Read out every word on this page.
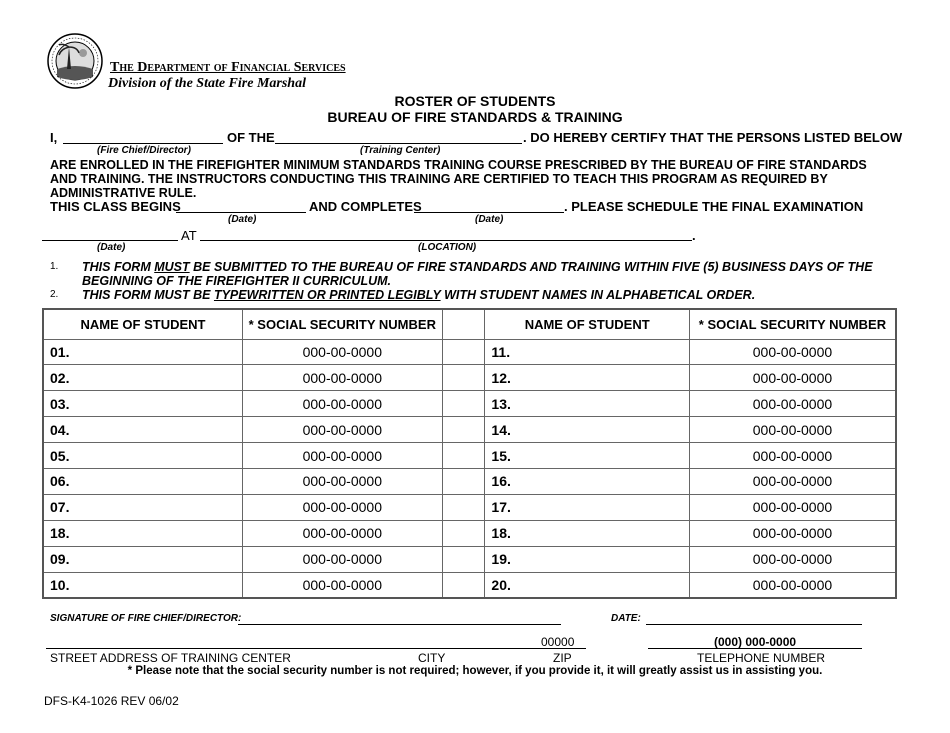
The Department of Financial Services
Division of the State Fire Marshal
ROSTER OF STUDENTS
BUREAU OF FIRE STANDARDS & TRAINING
I,	OF THE	. DO HEREBY CERTIFY THAT THE PERSONS LISTED BELOW
(Fire Chief/Director)	(Training Center)
ARE ENROLLED IN THE FIREFIGHTER MINIMUM STANDARDS TRAINING COURSE PRESCRIBED BY THE BUREAU OF FIRE STANDARDS AND TRAINING. THE INSTRUCTORS CONDUCTING THIS TRAINING ARE CERTIFIED TO TEACH THIS PROGRAM AS REQUIRED BY ADMINISTRATIVE RULE.
THIS CLASS BEGINS	AND COMPLETES	. PLEASE SCHEDULE THE FINAL EXAMINATION
(Date)	(Date)
AT	.
(Date)	(LOCATION)
1. THIS FORM MUST BE SUBMITTED TO THE BUREAU OF FIRE STANDARDS AND TRAINING WITHIN FIVE (5) BUSINESS DAYS OF THE
BEGINNING OF THE FIREFIGHTER II CURRICULUM.
2. THIS FORM MUST BE TYPEWRITTEN OR PRINTED LEGIBLY WITH STUDENT NAMES IN ALPHABETICAL ORDER.
NAME OF STUDENT	* SOCIAL SECURITY NUMBER		NAME OF STUDENT	* SOCIAL SECURITY NUMBER
01.	000-00-0000		11.	000-00-0000
02.	000-00-0000		12.	000-00-0000
03.	000-00-0000		13.	000-00-0000
04.	000-00-0000		14.	000-00-0000
05.	000-00-0000		15.	000-00-0000
06.	000-00-0000		16.	000-00-0000
07.	000-00-0000		17.	000-00-0000
18.	000-00-0000		18.	000-00-0000
09.	000-00-0000		19.	000-00-0000
10.	000-00-0000		20.	000-00-0000
SIGNATURE OF FIRE CHIEF/DIRECTOR:	DATE:
00000	(000) 000-0000
STREET ADDRESS OF TRAINING CENTER	CITY	ZIP	TELEPHONE NUMBER
* Please note that the social security number is not required; however, if you provide it, it will greatly assist us in assisting you.
DFS-K4-1026 REV 06/02
